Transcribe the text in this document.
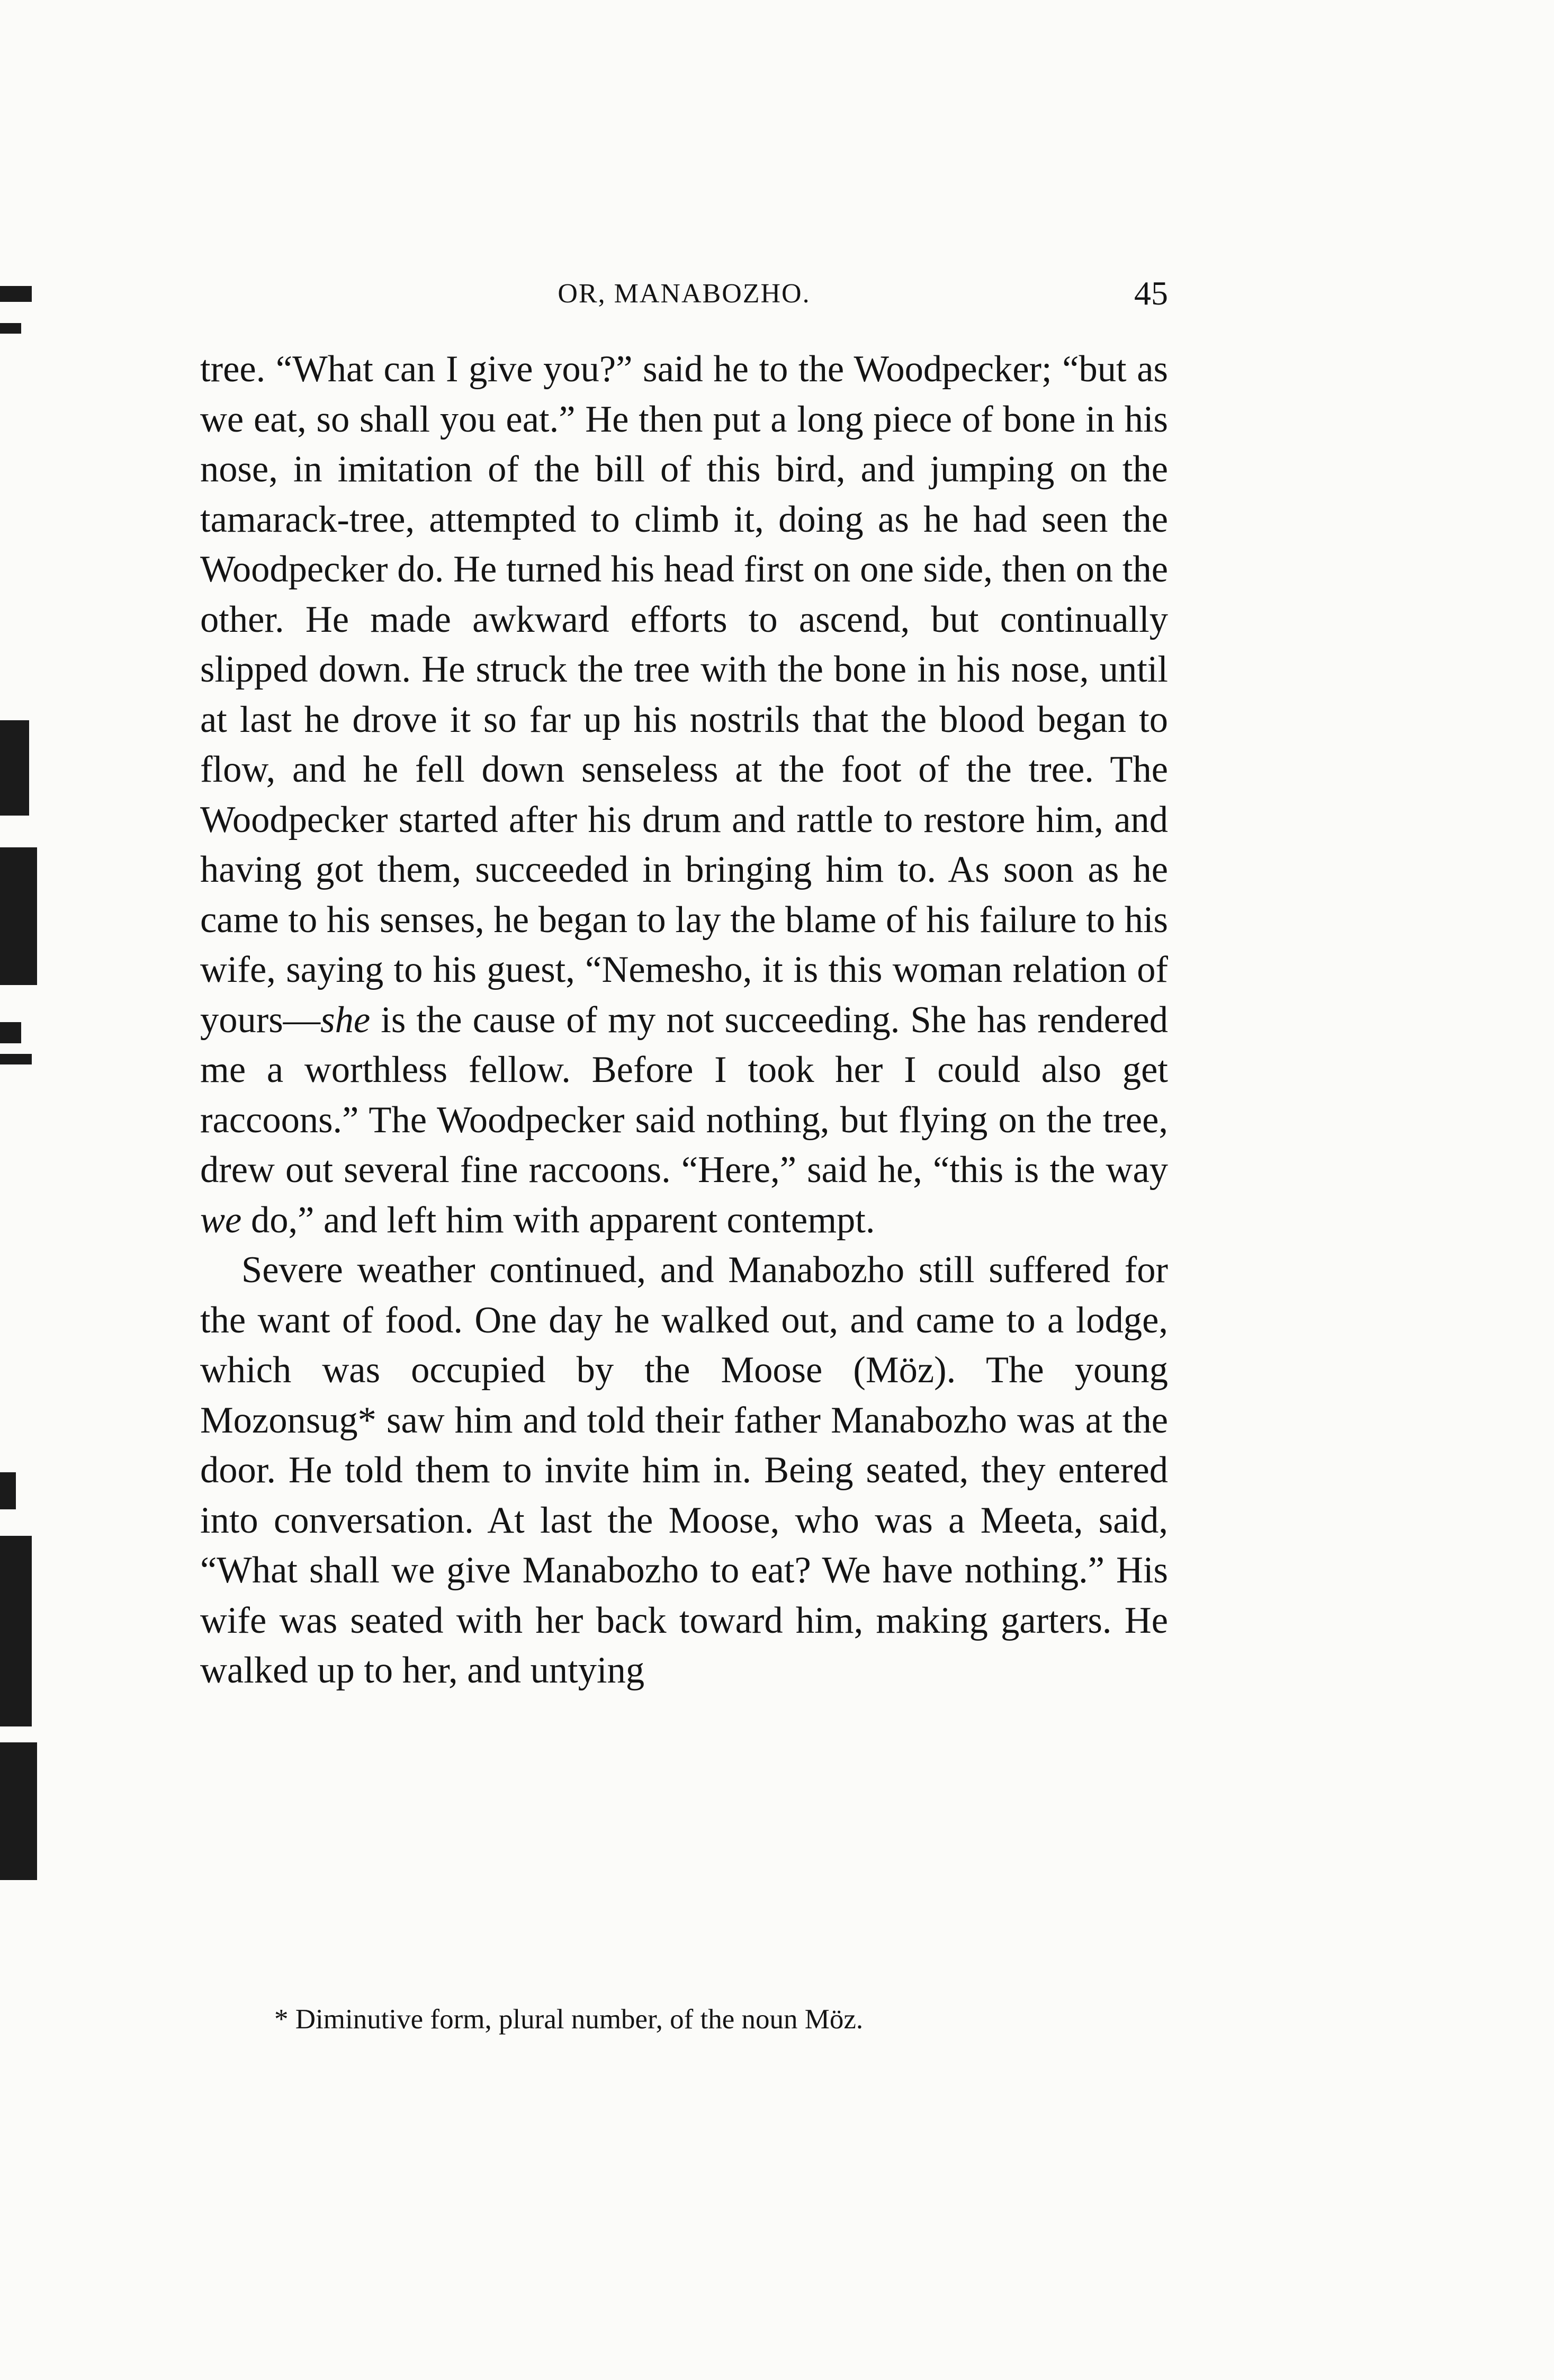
OR, MANABOZHO.	45

tree. “What can I give you?” said he to the Woodpecker; “but as we eat, so shall you eat.” He then put a long piece of bone in his nose, in imitation of the bill of this bird, and jumping on the tamarack-tree, attempted to climb it, doing as he had seen the Woodpecker do. He turned his head first on one side, then on the other. He made awkward efforts to ascend, but continually slipped down. He struck the tree with the bone in his nose, until at last he drove it so far up his nostrils that the blood began to flow, and he fell down senseless at the foot of the tree. The Woodpecker started after his drum and rattle to restore him, and having got them, succeeded in bringing him to. As soon as he came to his senses, he began to lay the blame of his failure to his wife, saying to his guest, “Nemesho, it is this woman relation of yours—she is the cause of my not succeeding. She has rendered me a worthless fellow. Before I took her I could also get raccoons.” The Woodpecker said nothing, but flying on the tree, drew out several fine raccoons. “Here,” said he, “this is the way we do,” and left him with apparent contempt.

Severe weather continued, and Manabozho still suffered for the want of food. One day he walked out, and came to a lodge, which was occupied by the Moose (Möz). The young Mozonsug* saw him and told their father Manabozho was at the door. He told them to invite him in. Being seated, they entered into conversation. At last the Moose, who was a Meeta, said, “What shall we give Manabozho to eat? We have nothing.” His wife was seated with her back toward him, making garters. He walked up to her, and untying

* Diminutive form, plural number, of the noun Möz.
